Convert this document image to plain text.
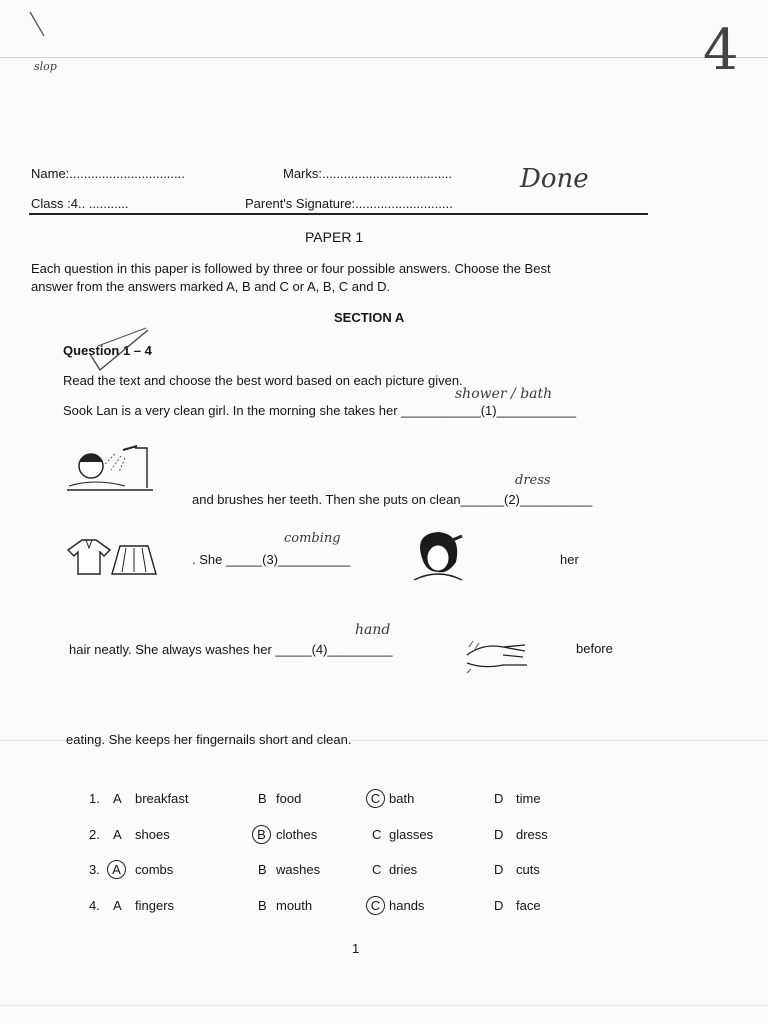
slop	4
Name:................................	Marks:....................................	Done
Class :4.. ...........	Parent's Signature:...........................
PAPER 1
Each question in this paper is followed by three or four possible answers. Choose the Best
answer from the answers marked A, B and C or A, B, C and D.
SECTION A
Question 1 – 4
Read the text and choose the best word based on each picture given.
shower / bath
Sook Lan is a very clean girl. In the morning she takes her ___________(1)___________
dress
and brushes her teeth. Then she puts on clean______(2)__________
combing
. She _____(3)__________	her
hand
hair neatly. She always washes her _____(4)_________	before
eating. She keeps her fingernails short and clean.
1. A breakfast	B food	C bath	D time
2. A shoes	B clothes	C glasses	D dress
3. A combs	B washes	C dries	D cuts
4. A fingers	B mouth	C hands	D face
1
